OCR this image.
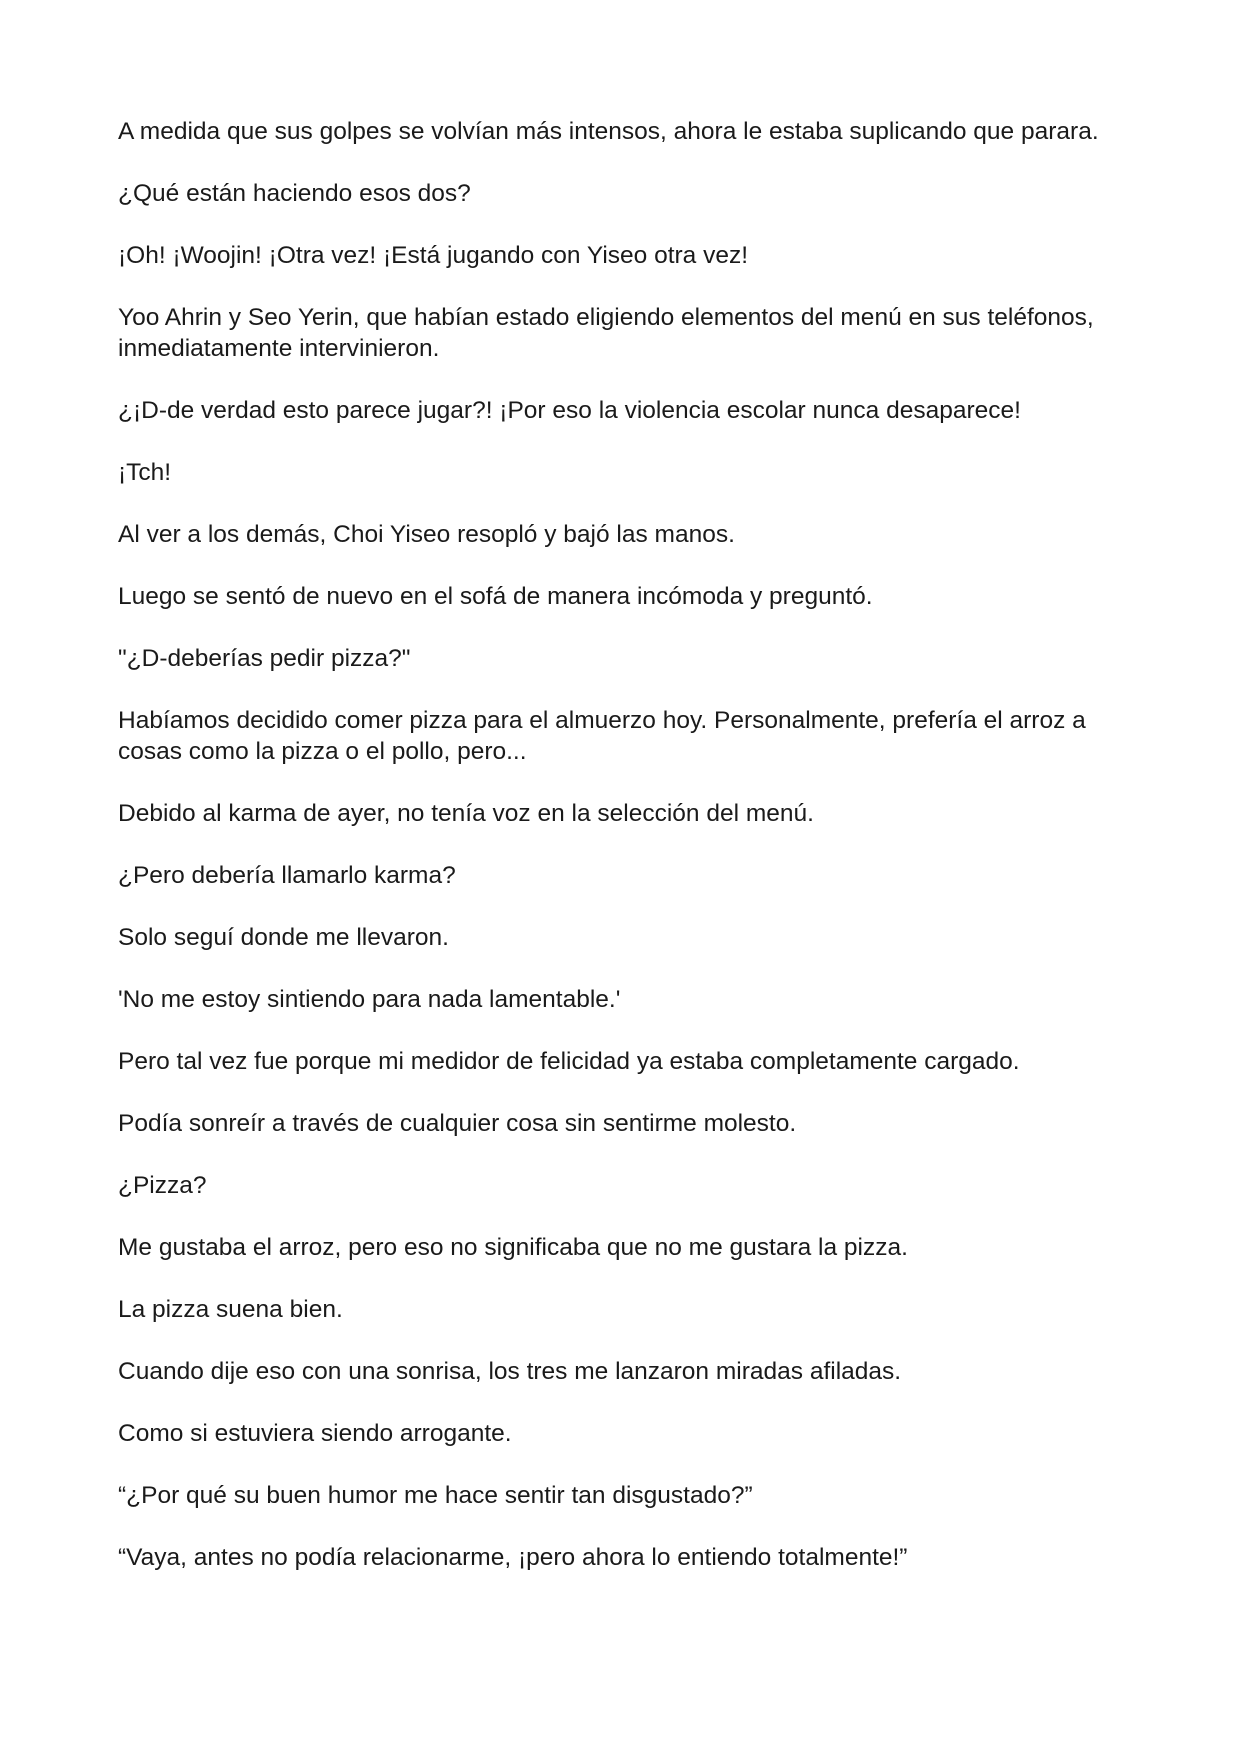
A medida que sus golpes se volvían más intensos, ahora le estaba suplicando que parara.

¿Qué están haciendo esos dos?

¡Oh! ¡Woojin! ¡Otra vez! ¡Está jugando con Yiseo otra vez!

Yoo Ahrin y Seo Yerin, que habían estado eligiendo elementos del menú en sus teléfonos, inmediatamente intervinieron.

¿¡D-de verdad esto parece jugar?! ¡Por eso la violencia escolar nunca desaparece!

¡Tch!

Al ver a los demás, Choi Yiseo resopló y bajó las manos.

Luego se sentó de nuevo en el sofá de manera incómoda y preguntó.

"¿D-deberías pedir pizza?"

Habíamos decidido comer pizza para el almuerzo hoy. Personalmente, prefería el arroz a cosas como la pizza o el pollo, pero...

Debido al karma de ayer, no tenía voz en la selección del menú.

¿Pero debería llamarlo karma?

Solo seguí donde me llevaron.

'No me estoy sintiendo para nada lamentable.'

Pero tal vez fue porque mi medidor de felicidad ya estaba completamente cargado.

Podía sonreír a través de cualquier cosa sin sentirme molesto.

¿Pizza?

Me gustaba el arroz, pero eso no significaba que no me gustara la pizza.

La pizza suena bien.

Cuando dije eso con una sonrisa, los tres me lanzaron miradas afiladas.

Como si estuviera siendo arrogante.

“¿Por qué su buen humor me hace sentir tan disgustado?”

“Vaya, antes no podía relacionarme, ¡pero ahora lo entiendo totalmente!”
